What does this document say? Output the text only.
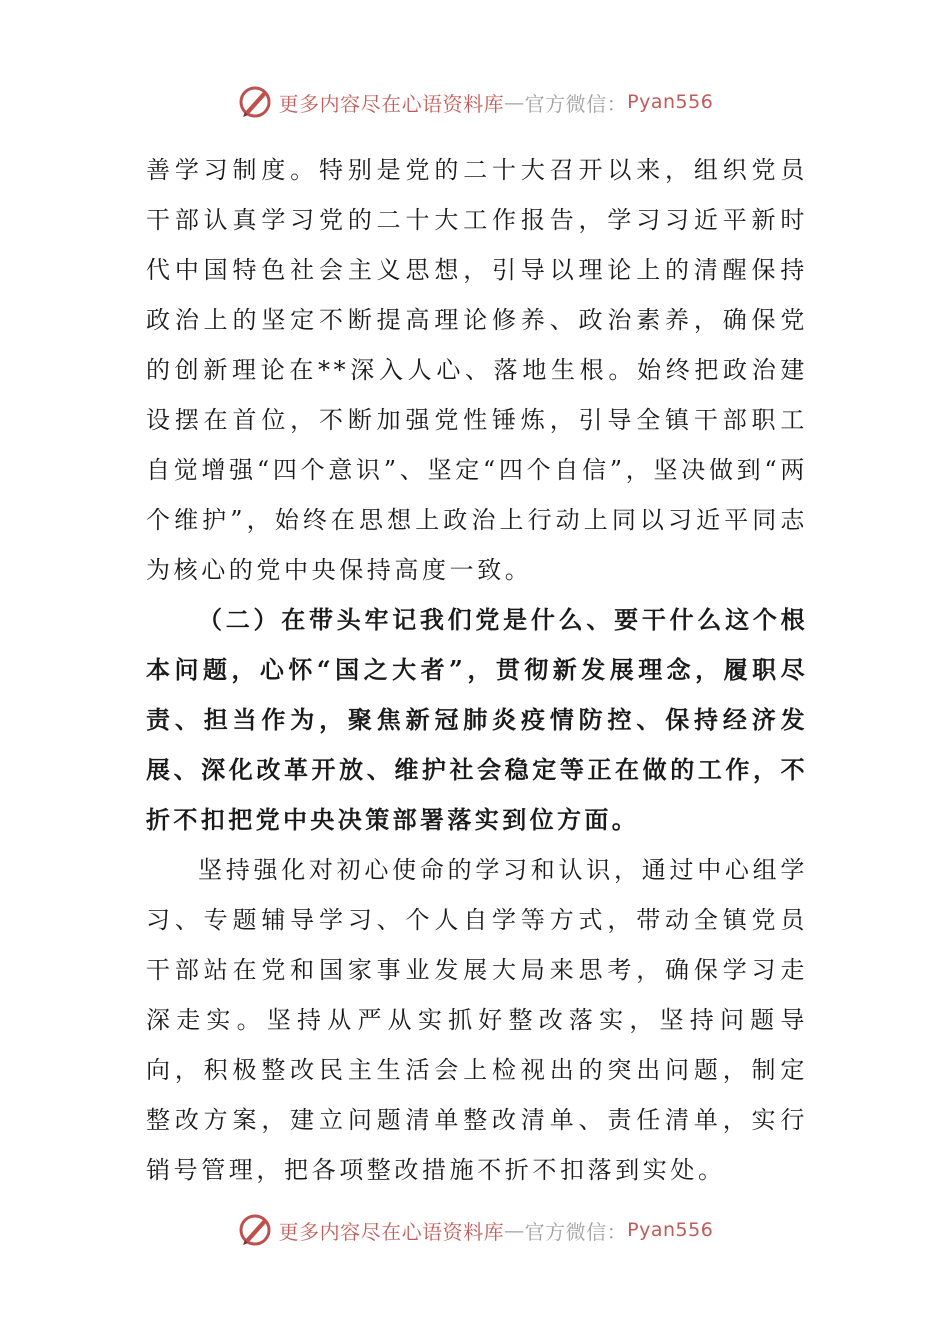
更多内容尽在心语资料库 — 官方微信： Pyan556

善学习制度。特别是党的二十大召开以来，组织党员干部认真学习党的二十大工作报告，学习习近平新时代中国特色社会主义思想，引导以理论上的清醒保持政治上的坚定不断提高理论修养、政治素养，确保党的创新理论在**深入人心、落地生根。始终把政治建设摆在首位，不断加强党性锤炼，引导全镇干部职工自觉增强“四个意识”、坚定“四个自信”，坚决做到“两个维护”，始终在思想上政治上行动上同以习近平同志为核心的党中央保持高度一致。

（二）在带头牢记我们党是什么、要干什么这个根本问题，心怀“国之大者”，贯彻新发展理念，履职尽责、担当作为，聚焦新冠肺炎疫情防控、保持经济发展、深化改革开放、维护社会稳定等正在做的工作，不折不扣把党中央决策部署落实到位方面。

坚持强化对初心使命的学习和认识，通过中心组学习、专题辅导学习、个人自学等方式，带动全镇党员干部站在党和国家事业发展大局来思考，确保学习走深走实。坚持从严从实抓好整改落实，坚持问题导向，积极整改民主生活会上检视出的突出问题，制定整改方案，建立问题清单整改清单、责任清单，实行销号管理，把各项整改措施不折不扣落到实处。

更多内容尽在心语资料库 — 官方微信： Pyan556
